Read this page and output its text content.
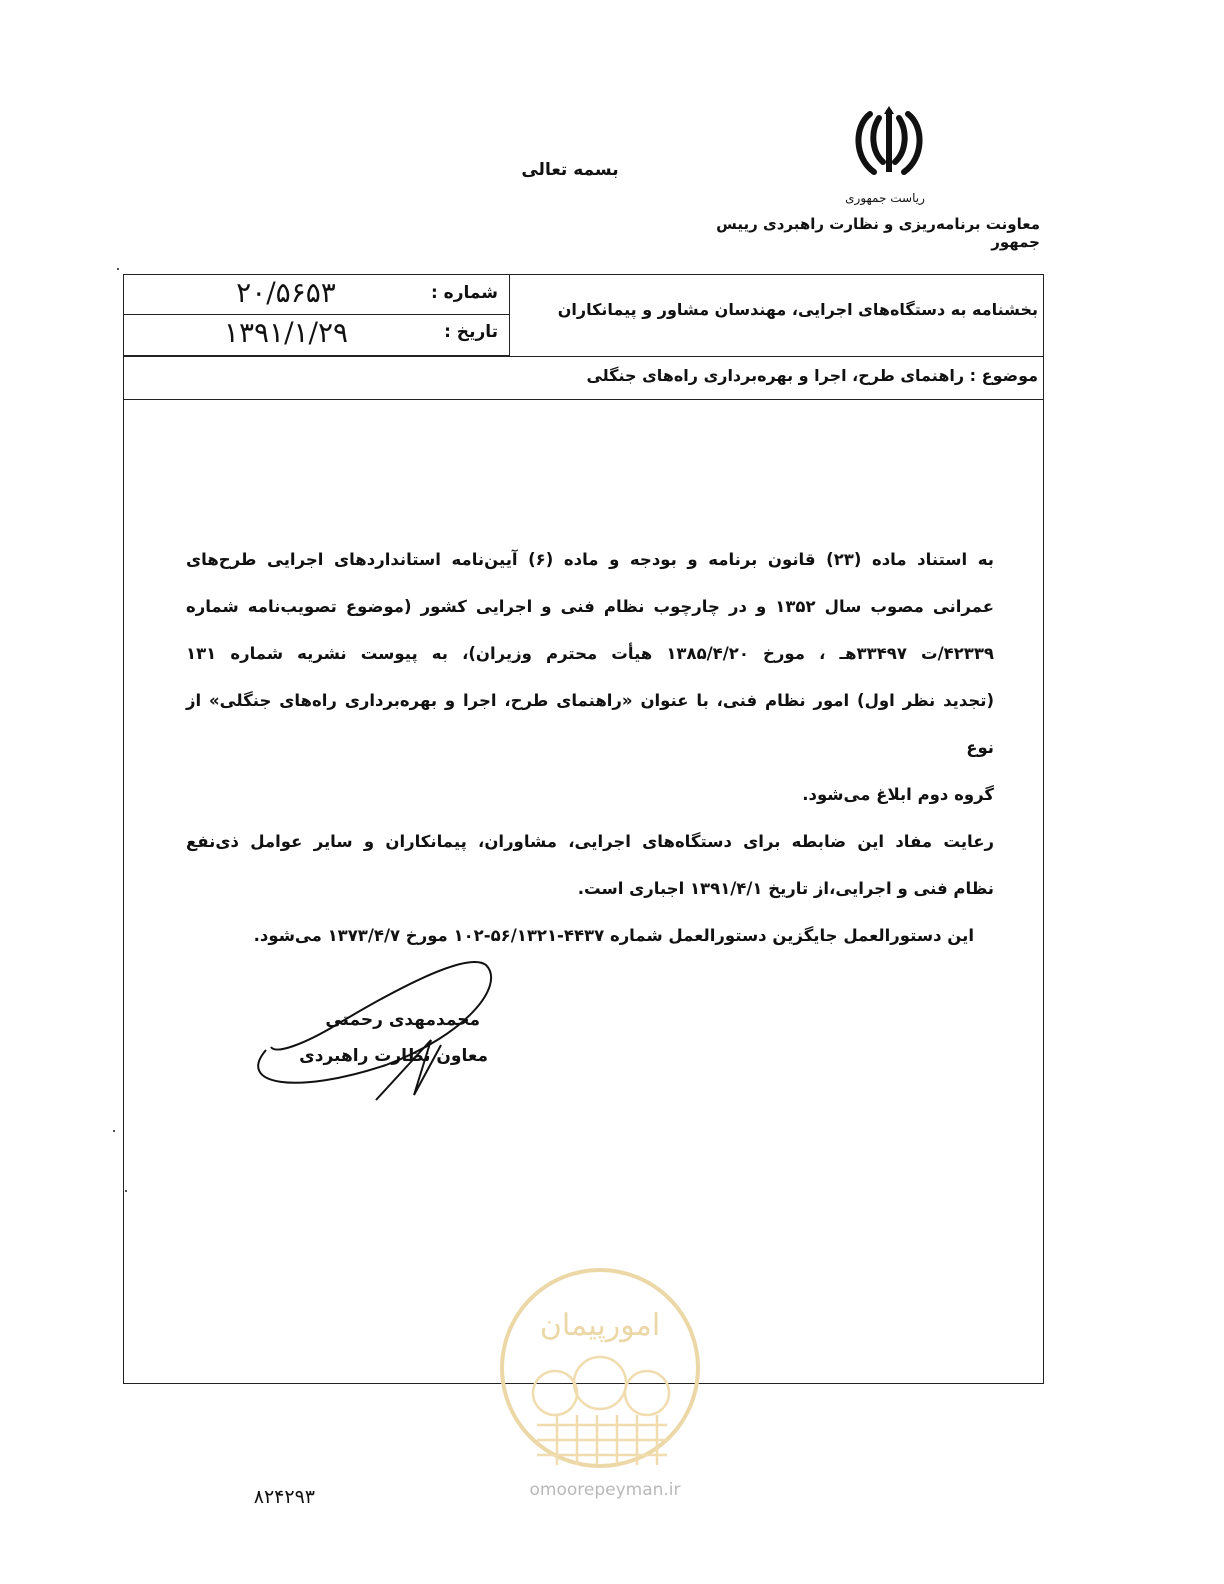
بسمه تعالی
ریاست جمهوری
معاونت برنامه‌ریزی و نظارت راهبردی رییس جمهور
شماره :
۲۰/۵۶۵۳
تاریخ :
۱۳۹۱/۱/۲۹
بخشنامه به دستگاه‌های اجرایی، مهندسان مشاور و پیمانکاران
موضوع : راهنمای طرح، اجرا و بهره‌برداری راه‌های جنگلی

به استناد ماده (۲۳) قانون برنامه و بودجه و ماده (۶) آیین‌نامه استانداردهای اجرایی طرح‌های

عمرانی مصوب سال ۱۳۵۲ و در چارچوب نظام فنی و اجرایی کشور (موضوع تصویب‌نامه شماره

۴۲۳۳۹/ت ۳۳۴۹۷هـ ، مورخ ۱۳۸۵/۴/۲۰ هیأت محترم وزیران)، به پیوست نشریه شماره ۱۳۱

(تجدید نظر اول) امور نظام فنی، با عنوان «راهنمای طرح، اجرا و بهره‌برداری راه‌های جنگلی» از نوع

گروه دوم ابلاغ می‌شود.

رعایت مفاد این ضابطه برای دستگاه‌های اجرایی، مشاوران، پیمانکاران و سایر عوامل ذی‌نفع

نظام فنی و اجرایی،از تاریخ ۱۳۹۱/۴/۱ اجباری است.

این دستورالعمل جایگزین دستورالعمل شماره ۴۴۳۷-۵۶/۱۳۲۱-۱۰۲ مورخ ۱۳۷۳/۴/۷ می‌شود.

محمدمهدی رحمتی
معاون نظارت راهبردی
امورپیمان
omoorepeyman.ir
۸۲۴۲۹۳
